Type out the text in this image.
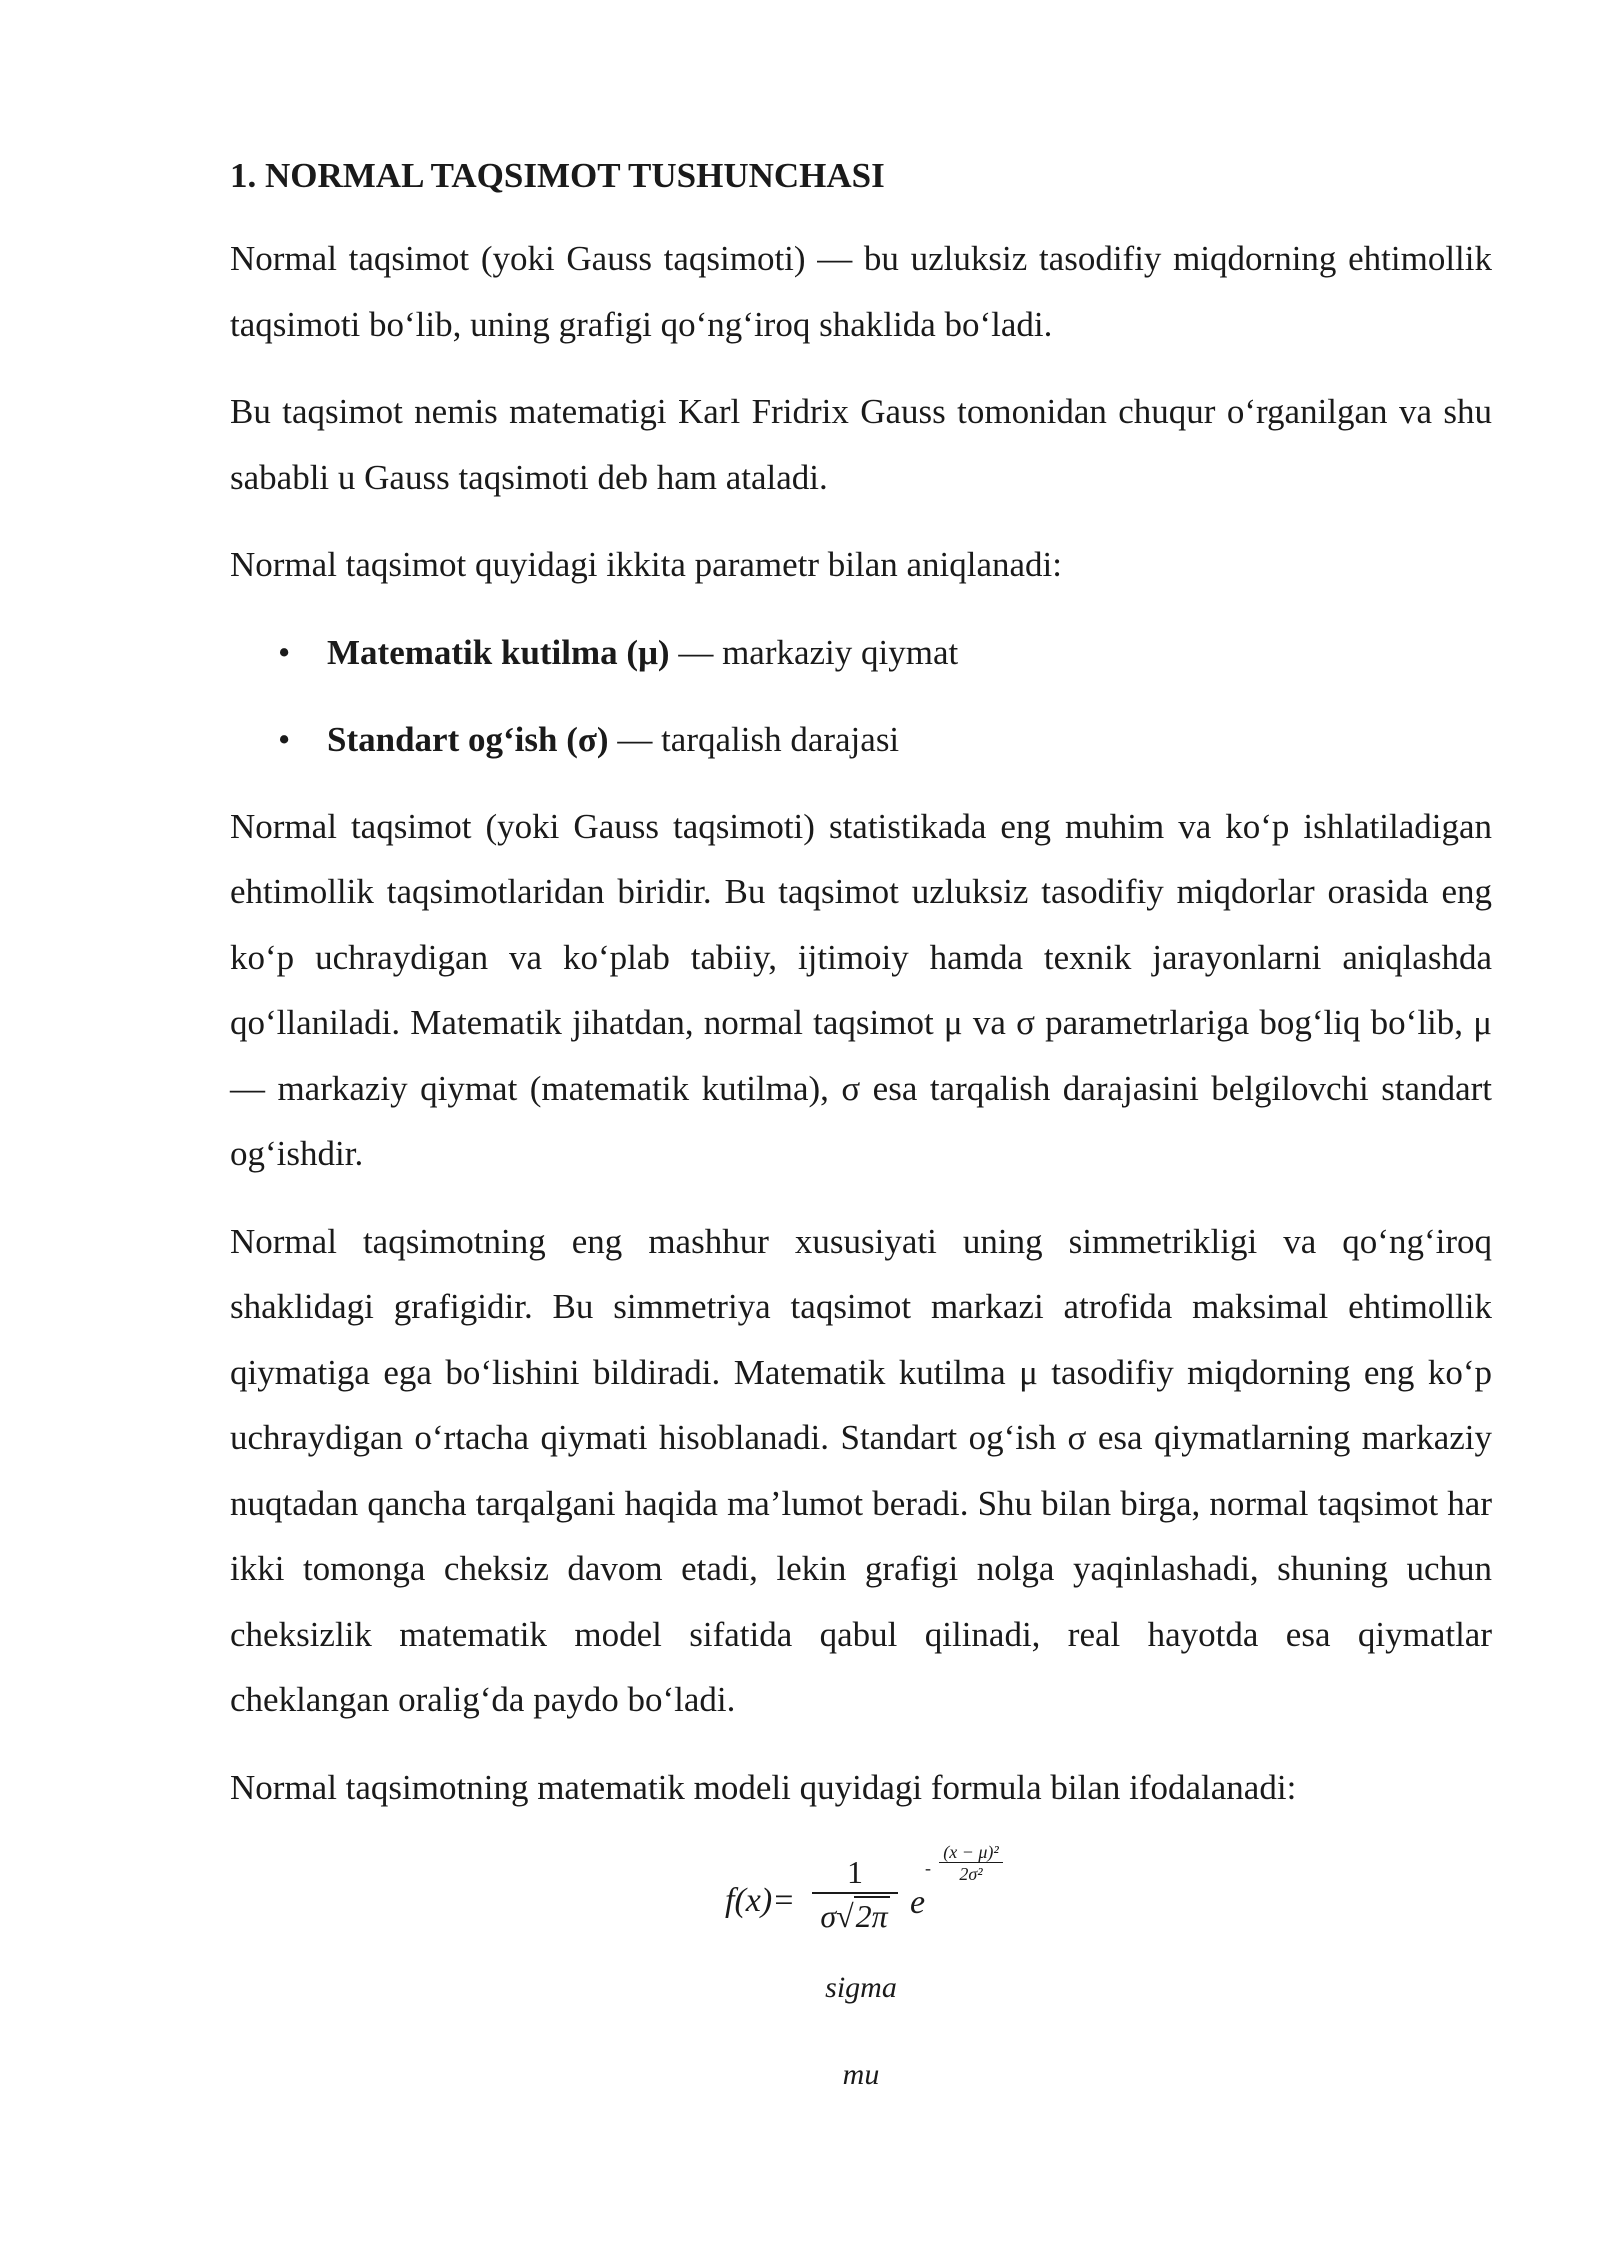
1. NORMAL TAQSIMOT TUSHUNCHASI

Normal taqsimot (yoki Gauss taqsimoti) — bu uzluksiz tasodifiy miqdorning ehtimollik taqsimoti bo‘lib, uning grafigi qo‘ng‘iroq shaklida bo‘ladi.

Bu taqsimot nemis matematigi Karl Fridrix Gauss tomonidan chuqur o‘rganilgan va shu sababli u Gauss taqsimoti deb ham ataladi.

Normal taqsimot quyidagi ikkita parametr bilan aniqlanadi:

• Matematik kutilma (μ) — markaziy qiymat
• Standart og‘ish (σ) — tarqalish darajasi

Normal taqsimot (yoki Gauss taqsimoti) statistikada eng muhim va ko‘p ishlatiladigan ehtimollik taqsimotlaridan biridir. Bu taqsimot uzluksiz tasodifiy miqdorlar orasida eng ko‘p uchraydigan va ko‘plab tabiiy, ijtimoiy hamda texnik jarayonlarni aniqlashda qo‘llaniladi. Matematik jihatdan, normal taqsimot μ va σ parametrlariga bog‘liq bo‘lib, μ — markaziy qiymat (matematik kutilma), σ esa tarqalish darajasini belgilovchi standart og‘ishdir.

Normal taqsimotning eng mashhur xususiyati uning simmetrikligi va qo‘ng‘iroq shaklidagi grafigidir. Bu simmetriya taqsimot markazi atrofida maksimal ehtimollik qiymatiga ega bo‘lishini bildiradi. Matematik kutilma μ tasodifiy miqdorning eng ko‘p uchraydigan o‘rtacha qiymati hisoblanadi. Standart og‘ish σ esa qiymatlarning markaziy nuqtadan qancha tarqalgani haqida ma’lumot beradi. Shu bilan birga, normal taqsimot har ikki tomonga cheksiz davom etadi, lekin grafigi nolga yaqinlashadi, shuning uchun cheksizlik matematik model sifatida qabul qilinadi, real hayotda esa qiymatlar cheklangan oralig‘da paydo bo‘ladi.

Normal taqsimotning matematik modeli quyidagi formula bilan ifodalanadi:

f(x)=
1
σ√2π e
-
(x − μ)²
2σ²

sigma

mu
